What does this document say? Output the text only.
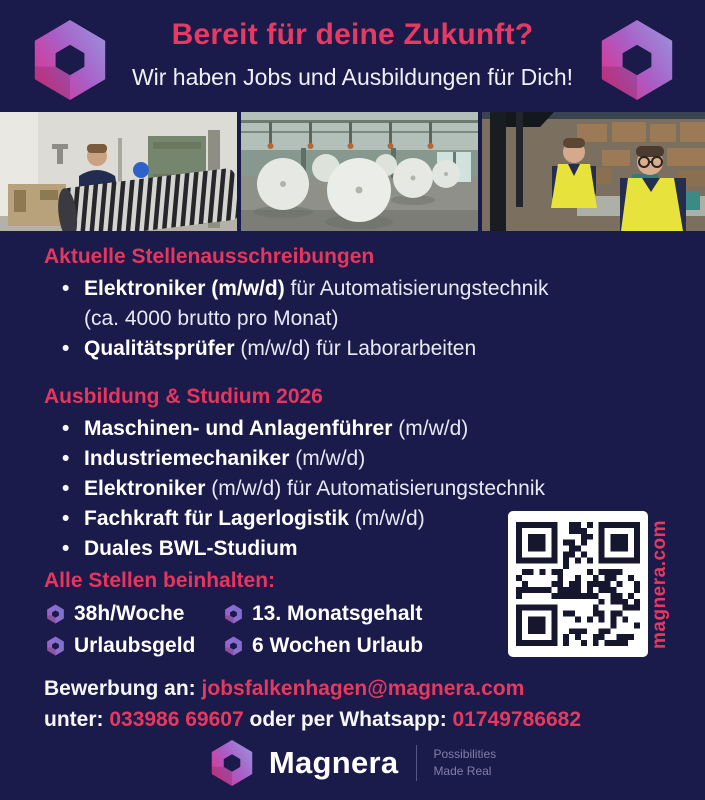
Bereit für deine Zukunft?
Wir haben Jobs und Ausbildungen für Dich!
Aktuelle Stellenausschreibungen
• Elektroniker (m/w/d) für Automatisierungstechnik
(ca. 4000 brutto pro Monat)
• Qualitätsprüfer (m/w/d) für Laborarbeiten
Ausbildung & Studium 2026
• Maschinen- und Anlagenführer (m/w/d)
• Industriemechaniker (m/w/d)
• Elektroniker (m/w/d) für Automatisierungstechnik
• Fachkraft für Lagerlogistik (m/w/d)
• Duales BWL-Studium
Alle Stellen beinhalten:
38h/Woche	13. Monatsgehalt
Urlaubsgeld	6 Wochen Urlaub
Bewerbung an: jobsfalkenhagen@magnera.com
unter: 033986 69607 oder per Whatsapp: 01749786682
magnera.com
Magnera	Possibilities
Made Real
